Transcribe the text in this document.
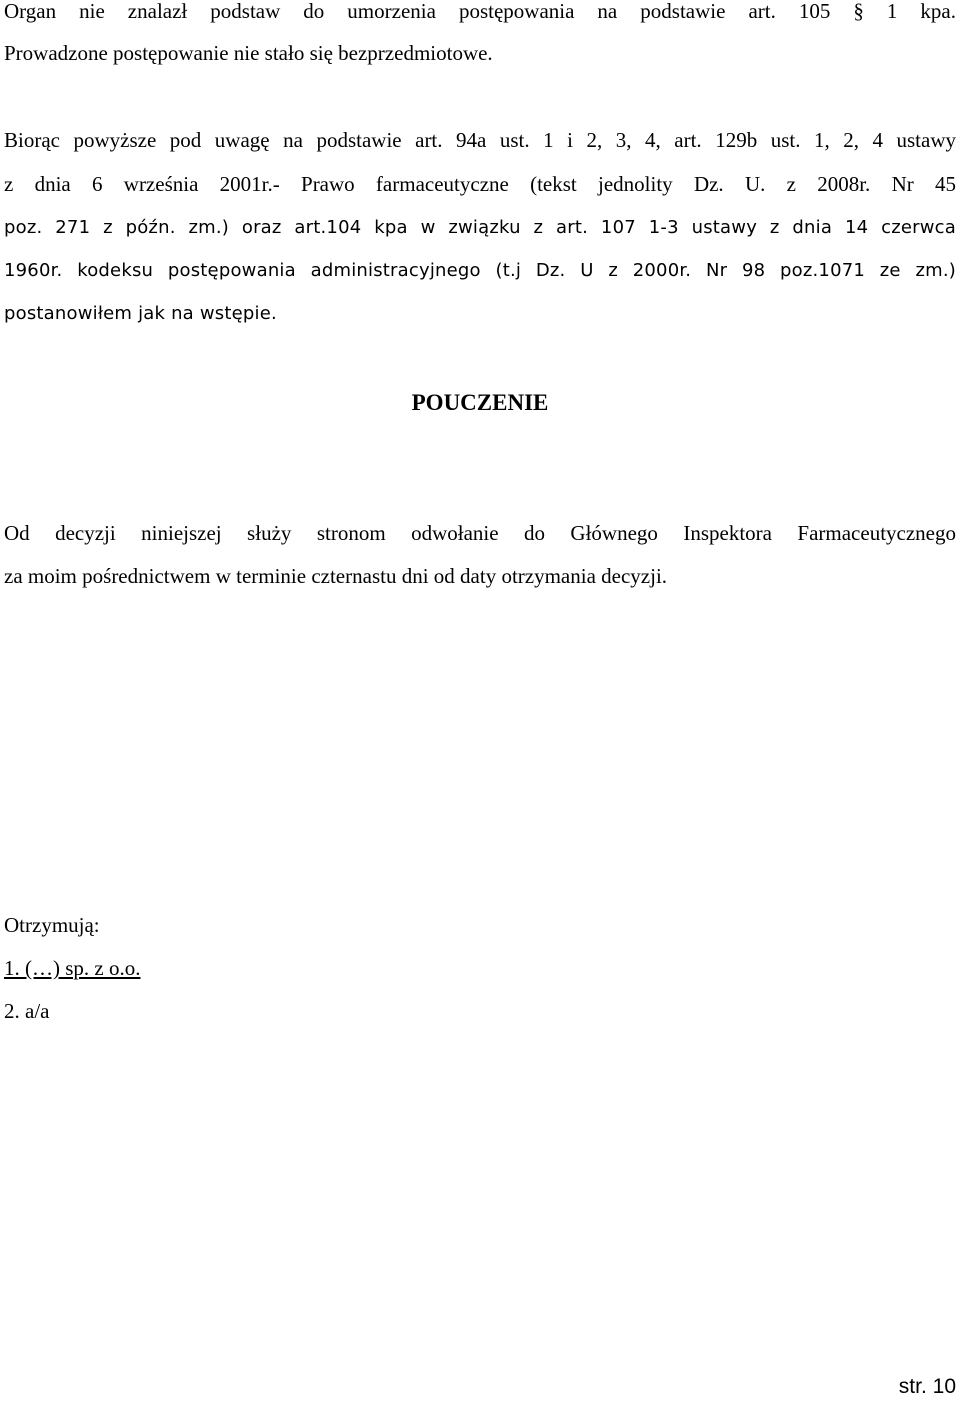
Organ nie znalazł podstaw do umorzenia postępowania na podstawie art. 105 § 1 kpa.
Prowadzone postępowanie nie stało się bezprzedmiotowe.
Biorąc powyższe pod uwagę na podstawie art. 94a ust. 1 i 2, 3, 4, art. 129b ust. 1, 2, 4 ustawy
z dnia 6 września 2001r.- Prawo farmaceutyczne (tekst jednolity Dz. U. z 2008r. Nr 45
poz. 271 z późn. zm.) oraz art.104 kpa w związku z art. 107 1-3 ustawy z dnia 14 czerwca
1960r. kodeksu postępowania administracyjnego (t.j Dz. U z 2000r. Nr 98 poz.1071 ze zm.)
postanowiłem jak na wstępie.
POUCZENIE
Od decyzji niniejszej służy stronom odwołanie do Głównego Inspektora Farmaceutycznego
za moim pośrednictwem w terminie czternastu dni od daty otrzymania decyzji.
Otrzymują:
1. (…) sp. z o.o.
2. a/a
str. 10
